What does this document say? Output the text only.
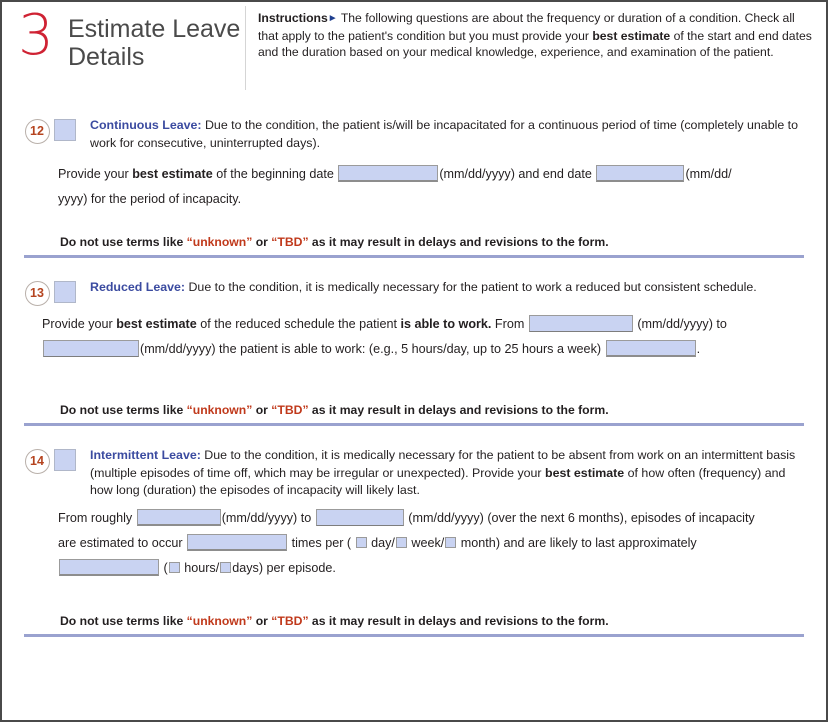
3 Estimate Leave
Details
Instructions► The following questions are about the frequency or duration of a condition. Check all that apply to the patient's condition but you must provide your best estimate of the start and end dates and the duration based on your medical knowledge, experience, and examination of the patient.
12	Continuous Leave: Due to the condition, the patient is/will be incapacitated for a continuous period of time (completely unable to work for consecutive, uninterrupted days).
Provide your best estimate of the beginning date	(mm/dd/yyyy) and end date	(mm/dd/
yyyy) for the period of incapacity.
Do not use terms like “unknown” or “TBD” as it may result in delays and revisions to the form.
13	Reduced Leave: Due to the condition, it is medically necessary for the patient to work a reduced but consistent schedule.
Provide your best estimate of the reduced schedule the patient is able to work. From	(mm/dd/yyyy) to
(mm/dd/yyyy) the patient is able to work: (e.g., 5 hours/day, up to 25 hours a week)	.
Do not use terms like “unknown” or “TBD” as it may result in delays and revisions to the form.
14	Intermittent Leave: Due to the condition, it is medically necessary for the patient to be absent from work on an intermittent basis (multiple episodes of time off, which may be irregular or unexpected). Provide your best estimate of how often (frequency) and how long (duration) the episodes of incapacity will likely last.
From roughly	(mm/dd/yyyy) to	(mm/dd/yyyy) (over the next 6 months), episodes of incapacity
are estimated to occur	times per (  day/ week/ month) and are likely to last approximately
( hours/ days) per episode.
Do not use terms like “unknown” or “TBD” as it may result in delays and revisions to the form.
